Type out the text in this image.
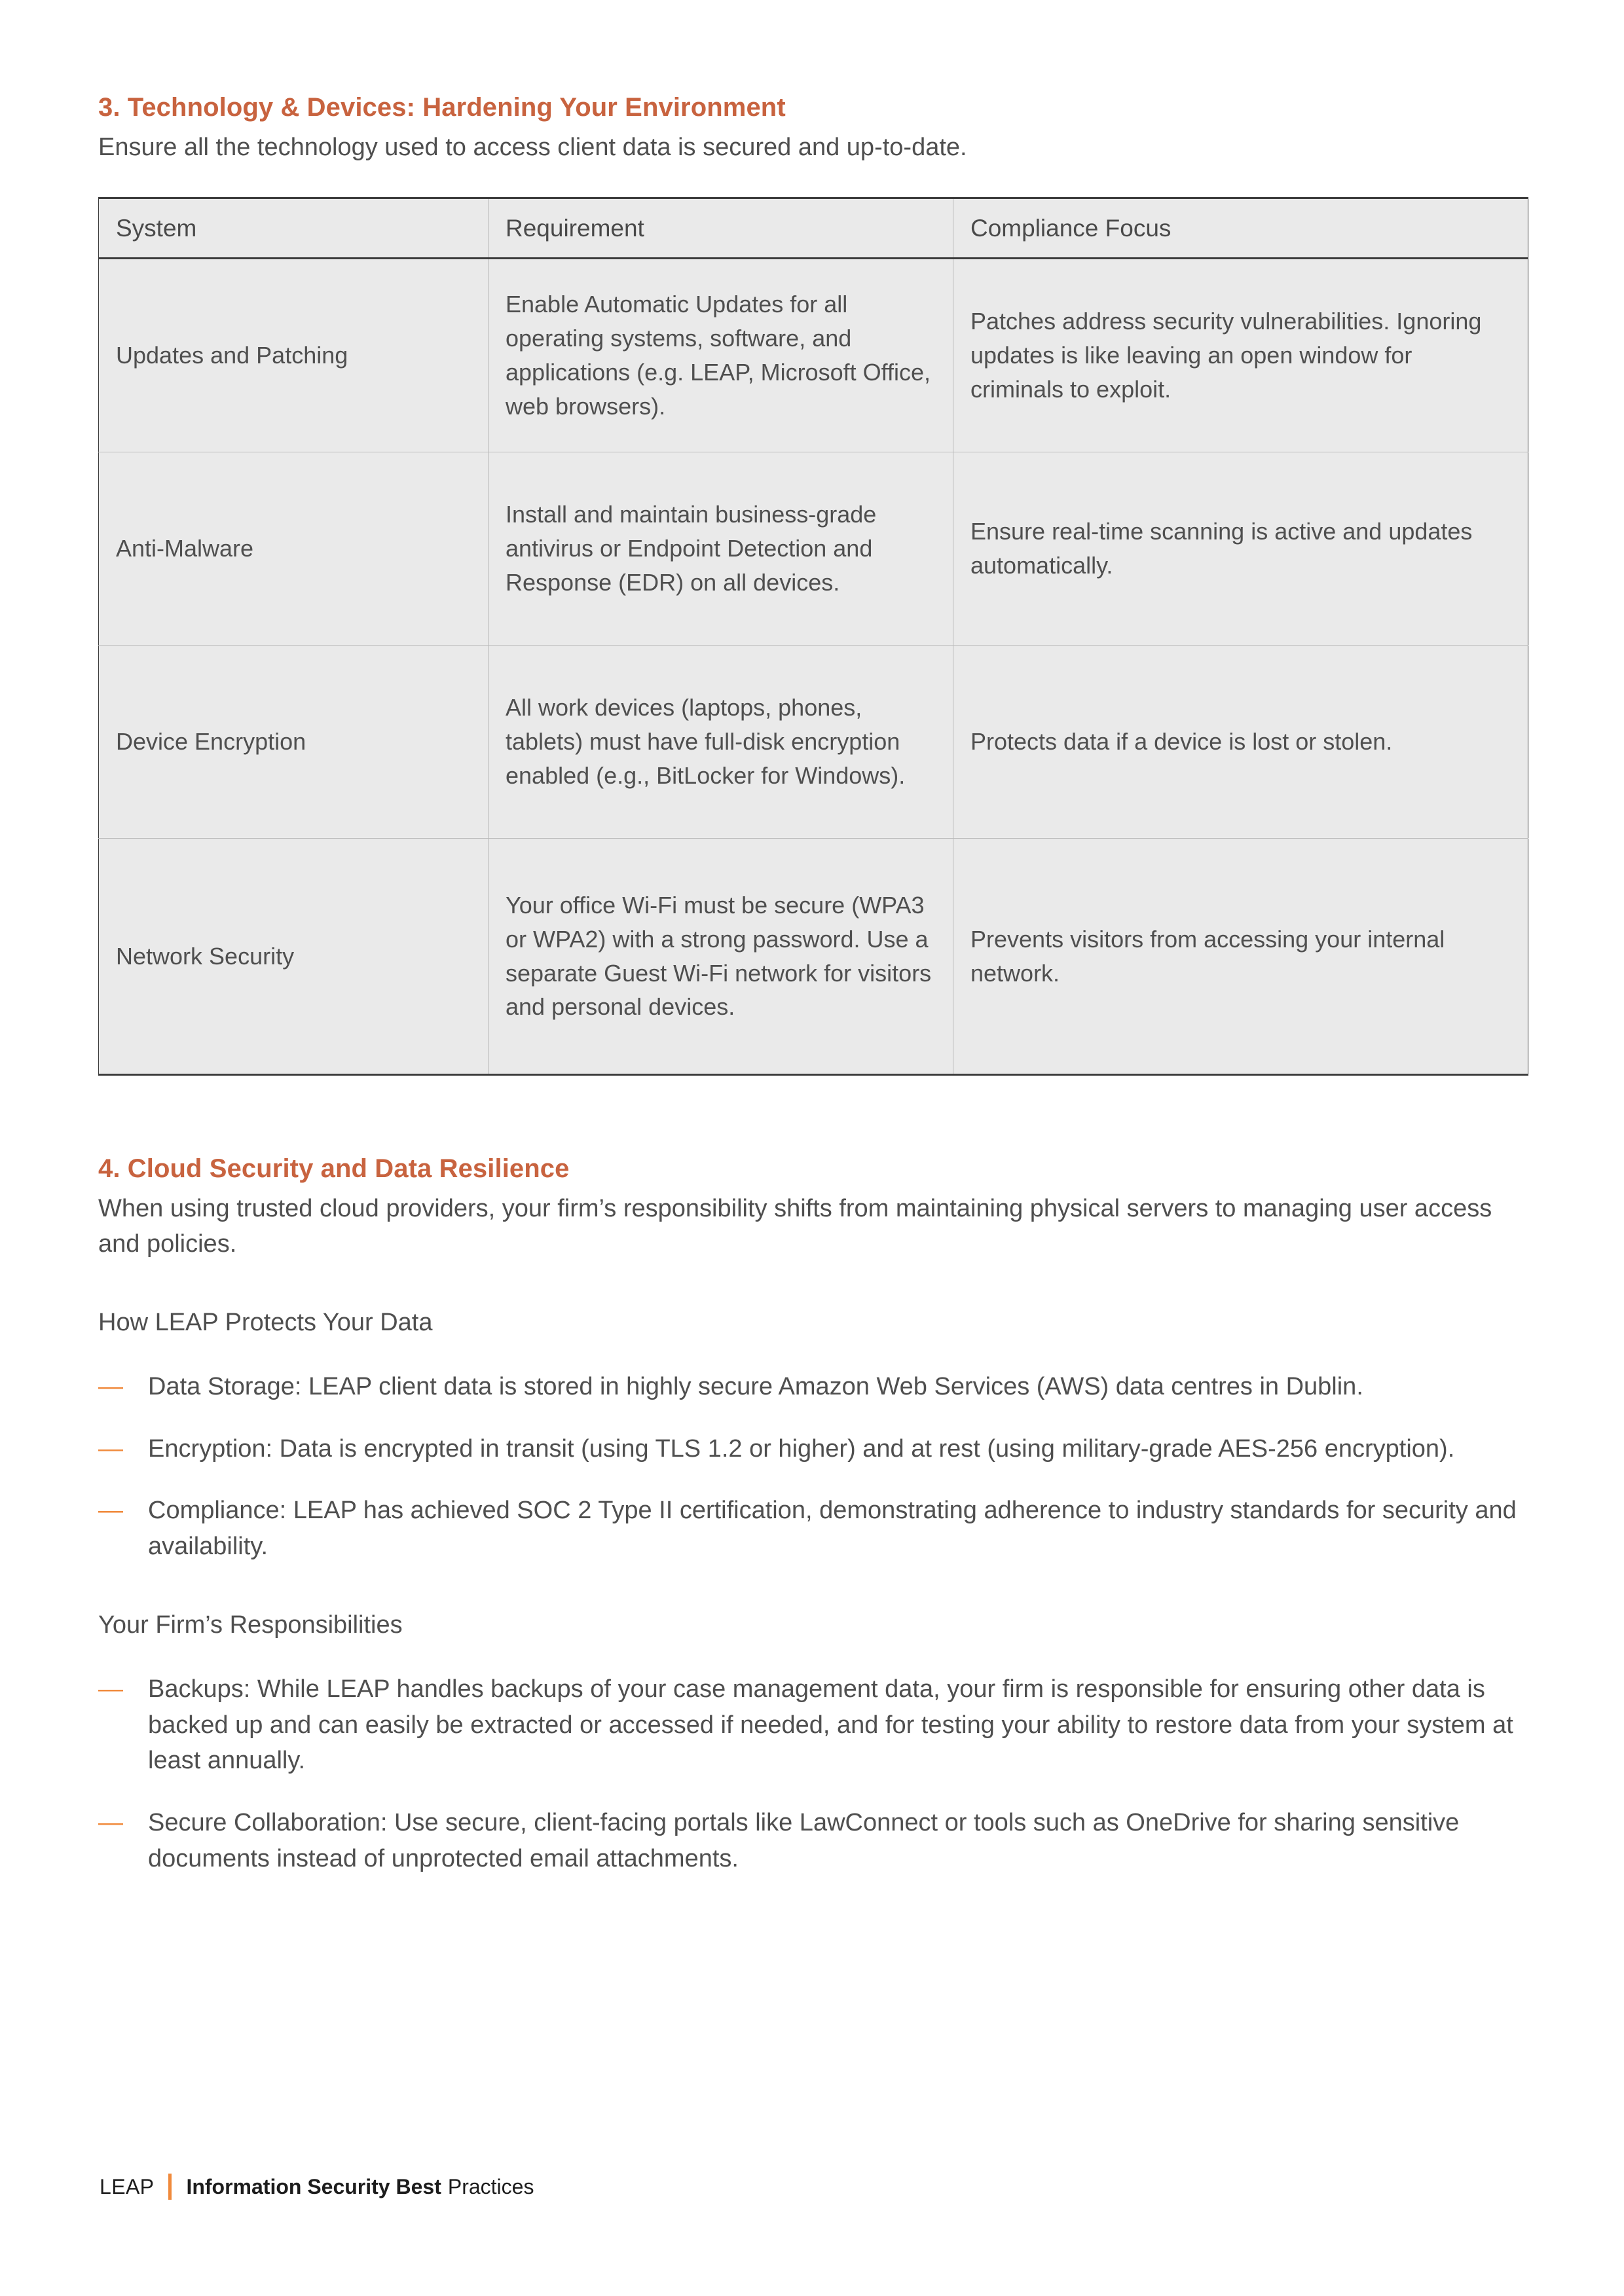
3. Technology & Devices: Hardening Your Environment

Ensure all the technology used to access client data is secured and up-to-date.

System	Requirement	Compliance Focus
Updates and Patching	Enable Automatic Updates for all operating systems, software, and applications (e.g. LEAP, Microsoft Office, web browsers).	Patches address security vulnerabilities. Ignoring updates is like leaving an open window for criminals to exploit.
Anti-Malware	Install and maintain business-grade antivirus or Endpoint Detection and Response (EDR) on all devices.	Ensure real-time scanning is active and updates automatically.
Device Encryption	All work devices (laptops, phones, tablets) must have full-disk encryption enabled (e.g., BitLocker for Windows).	Protects data if a device is lost or stolen.
Network Security	Your office Wi-Fi must be secure (WPA3 or WPA2) with a strong password. Use a separate Guest Wi-Fi network for visitors and personal devices.	Prevents visitors from accessing your internal network.
4. Cloud Security and Data Resilience

When using trusted cloud providers, your firm’s responsibility shifts from maintaining physical servers to managing user access and policies.

How LEAP Protects Your Data

—	Data Storage: LEAP client data is stored in highly secure Amazon Web Services (AWS) data centres in Dublin.
—	Encryption: Data is encrypted in transit (using TLS 1.2 or higher) and at rest (using military-grade AES-256 encryption).
—	Compliance: LEAP has achieved SOC 2 Type II certification, demonstrating adherence to industry standards for security and availability.

Your Firm’s Responsibilities

—	Backups: While LEAP handles backups of your case management data, your firm is responsible for ensuring other data is backed up and can easily be extracted or accessed if needed, and for testing your ability to restore data from your system at least annually.
—	Secure Collaboration: Use secure, client-facing portals like LawConnect or tools such as OneDrive for sharing sensitive documents instead of unprotected email attachments.
LEAP Information Security Best Practices
